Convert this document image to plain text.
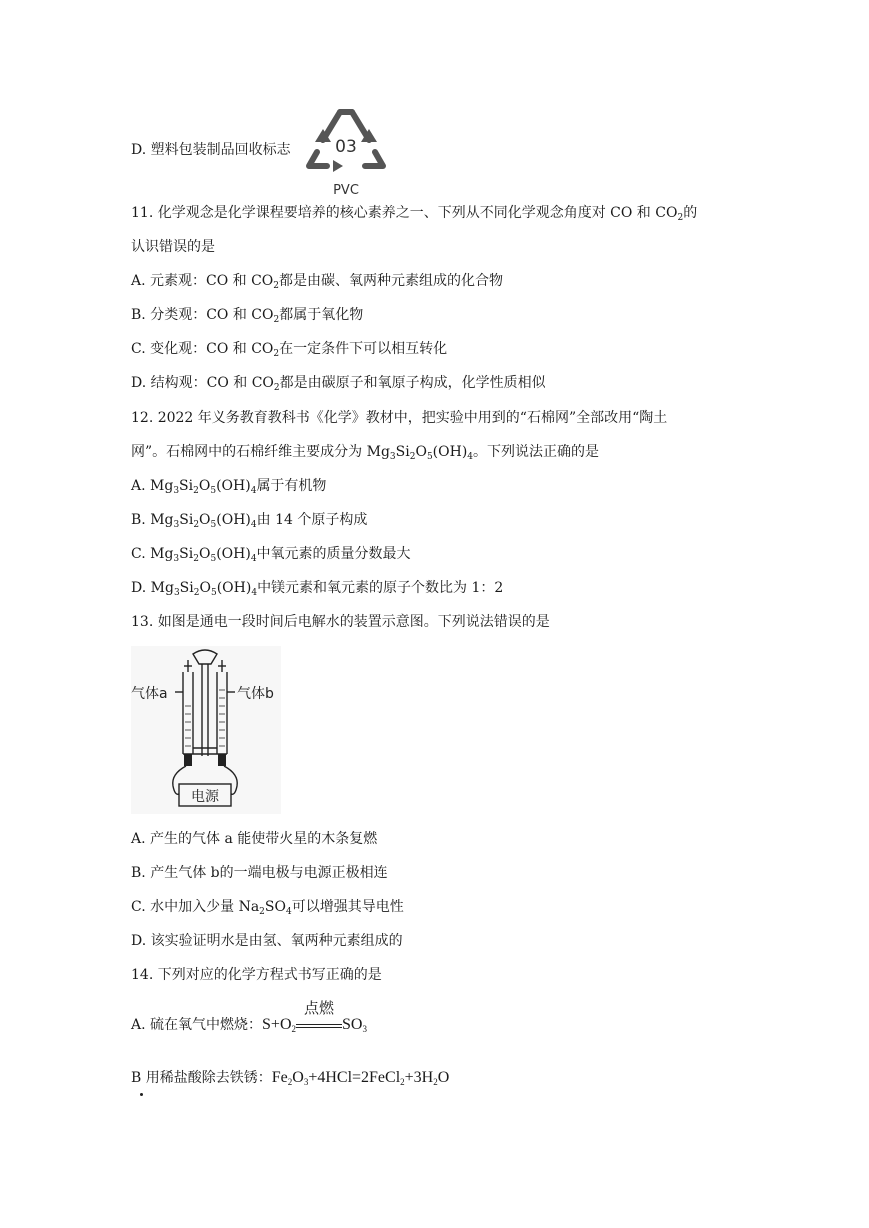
D. 塑料包装制品回收标志	03
PVC
11. 化学观念是化学课程要培养的核心素养之一、下列从不同化学观念角度对 CO 和 $CO_2$的
认识错误的是
A. 元素观：CO 和 $CO_2$都是由碳、氧两种元素组成的化合物
B. 分类观：CO 和 $CO_2$都属于氧化物
C. 变化观：CO 和 $CO_2$在一定条件下可以相互转化
D. 结构观：CO 和 $CO_2$都是由碳原子和氧原子构成，化学性质相似
12. 2022 年义务教育教科书《化学》教材中，把实验中用到的“石棉网”全部改用“陶土
网”。石棉网中的石棉纤维主要成分为 $Mg_3Si_2O_5(OH)_4$。下列说法正确的是
A. $Mg_3Si_2O_5(OH)_4$属于有机物
B. $Mg_3Si_2O_5(OH)_4$由 14 个原子构成
C. $Mg_3Si_2O_5(OH)_4$中氧元素的质量分数最大
D. $Mg_3Si_2O_5(OH)_4$中镁元素和氧元素的原子个数比为 1：2
13. 如图是通电一段时间后电解水的装置示意图。下列说法错误的是
气体a	气体b
电源
A. 产生的气体 a 能使带火星的木条复燃
B. 产生气体 b的一端电极与电源正极相连
C. 水中加入少量 $Na_2SO_4$可以增强其导电性
D. 该实验证明水是由氢、氧两种元素组成的
14. 下列对应的化学方程式书写正确的是
A. 硫在氧气中燃烧：$S+O_2$
点燃
$SO_3$
B 用稀盐酸除去铁锈：$Fe_2O_3+4HCl=2FeCl_2+3H_2O$
